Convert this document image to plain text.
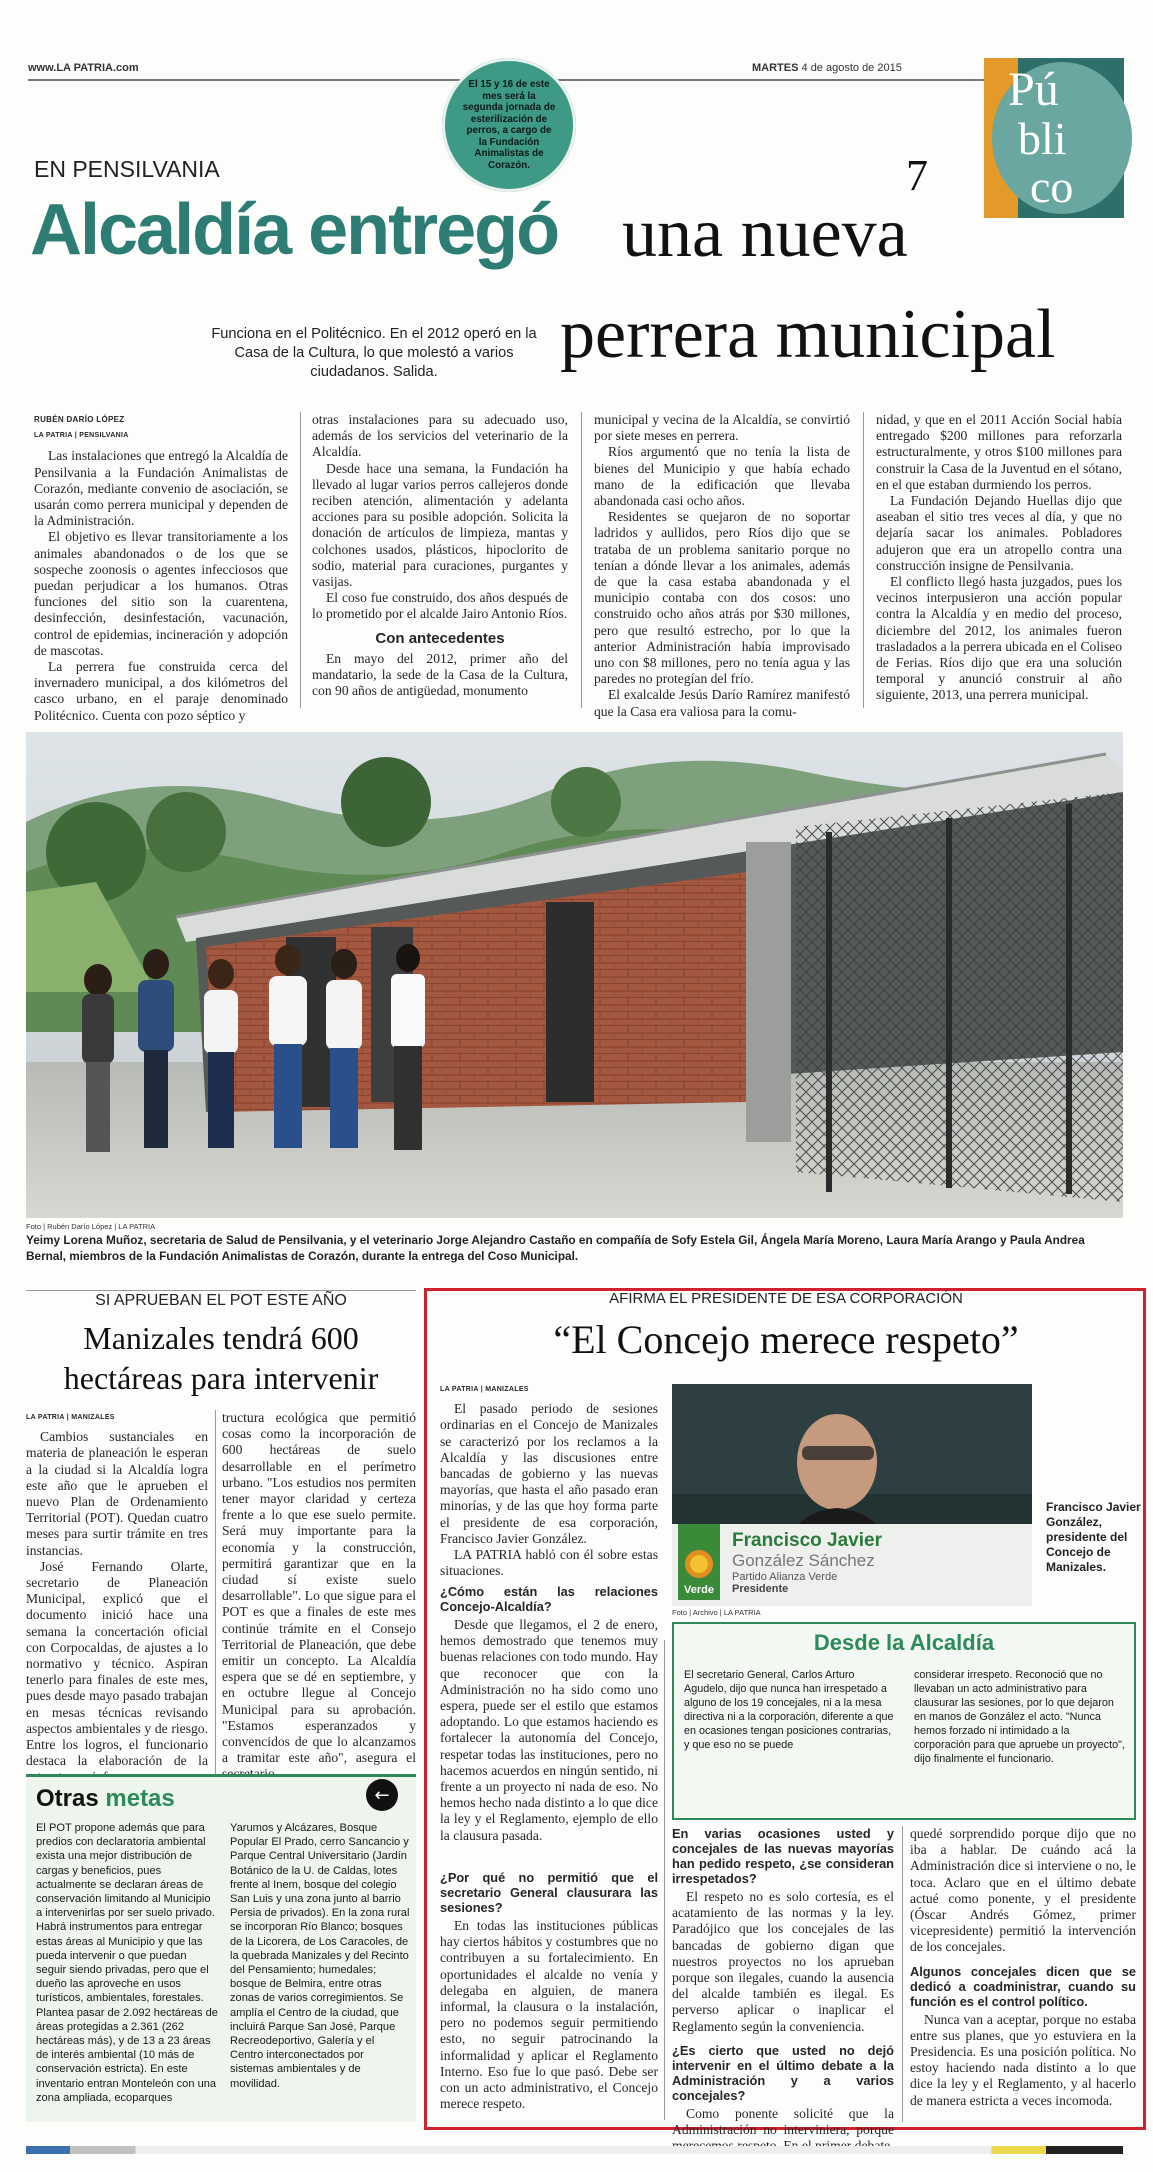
www.LA PATRIA.com	MARTES 4 de agosto de 2015
El 15 y 16 de este mes será la segunda jornada de esterilización de perros, a cargo de la Fundación Animalistas de Corazón.	7
Pú
bli
co
EN PENSILVANIA
Alcaldía entregó una nueva
perrera municipal
Funciona en el Politécnico. En el 2012 operó en la Casa de la Cultura, lo que molestó a varios ciudadanos. Salida.

RUBÉN DARÍO LÓPEZ

LA PATRIA | PENSILVANIA

Las instalaciones que entregó la Alcaldía de Pensilvania a la Fundación Animalistas de Corazón, mediante convenio de asociación, se usarán como perrera municipal y dependen de la Administración.

El objetivo es llevar transitoriamente a los animales abandonados o de los que se sospeche zoonosis o agentes infecciosos que puedan perjudicar a los humanos. Otras funciones del sitio son la cuarentena, desinfección, desinfestación, vacunación, control de epidemias, incineración y adopción de mascotas.

La perrera fue construida cerca del invernadero municipal, a dos kilómetros del casco urbano, en el paraje denominado Politécnico. Cuenta con pozo séptico y

otras instalaciones para su adecuado uso, además de los servicios del veterinario de la Alcaldía.

Desde hace una semana, la Fundación ha llevado al lugar varios perros callejeros donde reciben atención, alimentación y adelanta acciones para su posible adopción. Solicita la donación de artículos de limpieza, mantas y colchones usados, plásticos, hipoclorito de sodio, material para curaciones, purgantes y vasijas.

El coso fue construido, dos años después de lo prometido por el alcalde Jairo Antonio Ríos.

Con antecedentes

En mayo del 2012, primer año del mandatario, la sede de la Casa de la Cultura, con 90 años de antigüedad, monumento

municipal y vecina de la Alcaldía, se convirtió por siete meses en perrera.

Ríos argumentó que no tenía la lista de bienes del Municipio y que había echado mano de la edificación que llevaba abandonada casi ocho años.

Residentes se quejaron de no soportar ladridos y aullidos, pero Ríos dijo que se trataba de un problema sanitario porque no tenían a dónde llevar a los animales, además de que la casa estaba abandonada y el municipio contaba con dos cosos: uno construido ocho años atrás por $30 millones, pero que resultó estrecho, por lo que la anterior Administración había improvisado uno con $8 millones, pero no tenía agua y las paredes no protegían del frío.

El exalcalde Jesús Darío Ramírez manifestó que la Casa era valiosa para la comu-

nidad, y que en el 2011 Acción Social había entregado $200 millones para reforzarla estructuralmente, y otros $100 millones para construir la Casa de la Juventud en el sótano, en el que estaban durmiendo los perros.

La Fundación Dejando Huellas dijo que aseaban el sitio tres veces al día, y que no dejaría sacar los animales. Pobladores adujeron que era un atropello contra una construcción insigne de Pensilvania.

El conflicto llegó hasta juzgados, pues los vecinos interpusieron una acción popular contra la Alcaldía y en medio del proceso, diciembre del 2012, los animales fueron trasladados a la perrera ubicada en el Coliseo de Ferias. Ríos dijo que era una solución temporal y anunció construir al año siguiente, 2013, una perrera municipal.

Foto | Rubén Darío López | LA PATRIA
Yeimy Lorena Muñoz, secretaria de Salud de Pensilvania, y el veterinario Jorge Alejandro Castaño en compañía de Sofy Estela Gil, Ángela María Moreno, Laura María Arango y Paula Andrea Bernal, miembros de la Fundación Animalistas de Corazón, durante la entrega del Coso Municipal.
SI APRUEBAN EL POT ESTE AÑO
Manizales tendrá 600 hectáreas para intervenir

LA PATRIA | MANIZALES

Cambios sustanciales en materia de planeación le esperan a la ciudad si la Alcaldía logra este año que le aprueben el nuevo Plan de Ordenamiento Territorial (POT). Quedan cuatro meses para surtir trámite en tres instancias.

José Fernando Olarte, secretario de Planeación Municipal, explicó que el documento inició hace una semana la concertación oficial con Corpocaldas, de ajustes a lo normativo y técnico. Aspiran tenerlo para finales de este mes, pues desde mayo pasado trabajan en mesas técnicas revisando aspectos ambientales y de riesgo. Entre los logros, el funcionario destaca la elaboración de la

tructura ecológica que permitió cosas como la incorporación de 600 hectáreas de suelo desarrollable en el perímetro urbano. "Los estudios nos permiten tener mayor claridad y certeza frente a lo que ese suelo permite. Será muy importante para la economía y la construcción, permitirá garantizar que en la ciudad sí existe suelo desarrollable". Lo que sigue para el POT es que a finales de este mes continúe trámite en el Consejo Territorial de Planeación, que debe emitir un concepto. La Alcaldía espera que se dé en septiembre, y en octubre llegue al Concejo Municipal para su aprobación. "Estamos esperanzados y convencidos de que lo alcanzamos a tramitar este año", asegura el

Otras metas	←
El POT propone además que para predios con declaratoria ambiental exista una mejor distribución de cargas y beneficios, pues actualmente se declaran áreas de conservación limitando al Municipio a intervenirlas por ser suelo privado. Habrá instrumentos para entregar estas áreas al Municipio y que las pueda intervenir o que puedan seguir siendo privadas, pero que el dueño las aproveche en usos turísticos, ambientales, forestales. Plantea pasar de 2.092 hectáreas de áreas protegidas a 2.361 (262 hectáreas más), y de 13 a 23 áreas de interés ambiental (10 más de conservación estricta). En este inventario entran Monteleón con una zona ampliada, ecoparques
Yarumos y Alcázares, Bosque Popular El Prado, cerro Sancancio y Parque Central Universitario (Jardín Botánico de la U. de Caldas, lotes frente al Inem, bosque del colegio San Luis y una zona junto al barrio Persia de privados). En la zona rural se incorporan Río Blanco; bosques de la Licorera, de Los Caracoles, de la quebrada Manizales y del Recinto del Pensamiento; humedales; bosque de Belmira, entre otras zonas de varios corregimientos. Se amplía el Centro de la ciudad, que incluirá Parque San José, Parque Recreodeportivo, Galería y el Centro interconectados por sistemas ambientales y de movilidad.
AFIRMA EL PRESIDENTE DE ESA CORPORACIÓN
“El Concejo merece respeto”

LA PATRIA | MANIZALES

El pasado periodo de sesiones ordinarias en el Concejo de Manizales se caracterizó por los reclamos a la Alcaldía y las discusiones entre bancadas de gobierno y las nuevas mayorías, que hasta el año pasado eran minorías, y de las que hoy forma parte el presidente de esa corporación, Francisco Javier González.

LA PATRIA habló con él sobre estas situaciones.

Verde
Francisco Javier
González Sánchez
Partido Alianza Verde
Presidente
Foto | Archivo | LA PATRIA
Francisco Javier González, presidente del Concejo de Manizales.

¿Cómo están las relaciones Concejo-Alcaldía?

Desde que llegamos, el 2 de enero, hemos demostrado que tenemos muy buenas relaciones con todo mundo. Hay que reconocer que con la Administración no ha sido como uno espera, puede ser el estilo que estamos adoptando. Lo que estamos haciendo es fortalecer la autonomía del Concejo, respetar todas las instituciones, pero no hacemos acuerdos en ningún sentido, ni frente a un proyecto ni nada de eso. No hemos hecho nada distinto a lo que dice la ley y el Reglamento, ejemplo de ello la clausura pasada.

¿Por qué no permitió que el secretario General clausurara las sesiones?

En todas las instituciones públicas hay ciertos hábitos y costumbres que no contribuyen a su fortalecimiento. En oportunidades el alcalde no venía y delegaba en alguien, de manera informal, la clausura o la instalación, pero no podemos seguir permitiendo esto, no seguir patrocinando la informalidad y aplicar el Reglamento Interno. Eso fue lo que pasó. Debe ser con un acto administrativo, el Concejo merece respeto.

Desde la Alcaldía
El secretario General, Carlos Arturo Agudelo, dijo que nunca han irrespetado a alguno de los 19 concejales, ni a la mesa directiva ni a la corporación, diferente a que en ocasiones tengan posiciones contrarias, y que eso no se puede
considerar irrespeto. Reconoció que no llevaban un acto administrativo para clausurar las sesiones, por lo que dejaron en manos de González el acto. "Nunca hemos forzado ni intimidado a la corporación para que apruebe un proyecto", dijo finalmente el funcionario.

En varias ocasiones usted y concejales de las nuevas mayorías han pedido respeto, ¿se consideran irrespetados?

El respeto no es solo cortesía, es el acatamiento de las normas y la ley. Paradójico que los concejales de las bancadas de gobierno digan que nuestros proyectos no los aprueban porque son ilegales, cuando la ausencia del alcalde también es ilegal. Es perverso aplicar o inaplicar el Reglamento según la conveniencia.

¿Es cierto que usted no dejó intervenir en el último debate a la Administración y a varios concejales?

Como ponente solicité que la Administración no interviniera, porque

quedé sorprendido porque dijo que no iba a hablar. De cuándo acá la Administración dice si interviene o no, le toca. Aclaro que en el último debate actué como ponente, y el presidente (Óscar Andrés Gómez, primer vicepresidente) permitió la intervención de los concejales.

Algunos concejales dicen que se dedicó a coadministrar, cuando su función es el control político.

Nunca van a aceptar, porque no estaba entre sus planes, que yo estuviera en la Presidencia. Es una posición política. No estoy haciendo nada distinto a lo que dice la ley y el Reglamento, y al hacerlo de manera estricta a veces incomoda.
